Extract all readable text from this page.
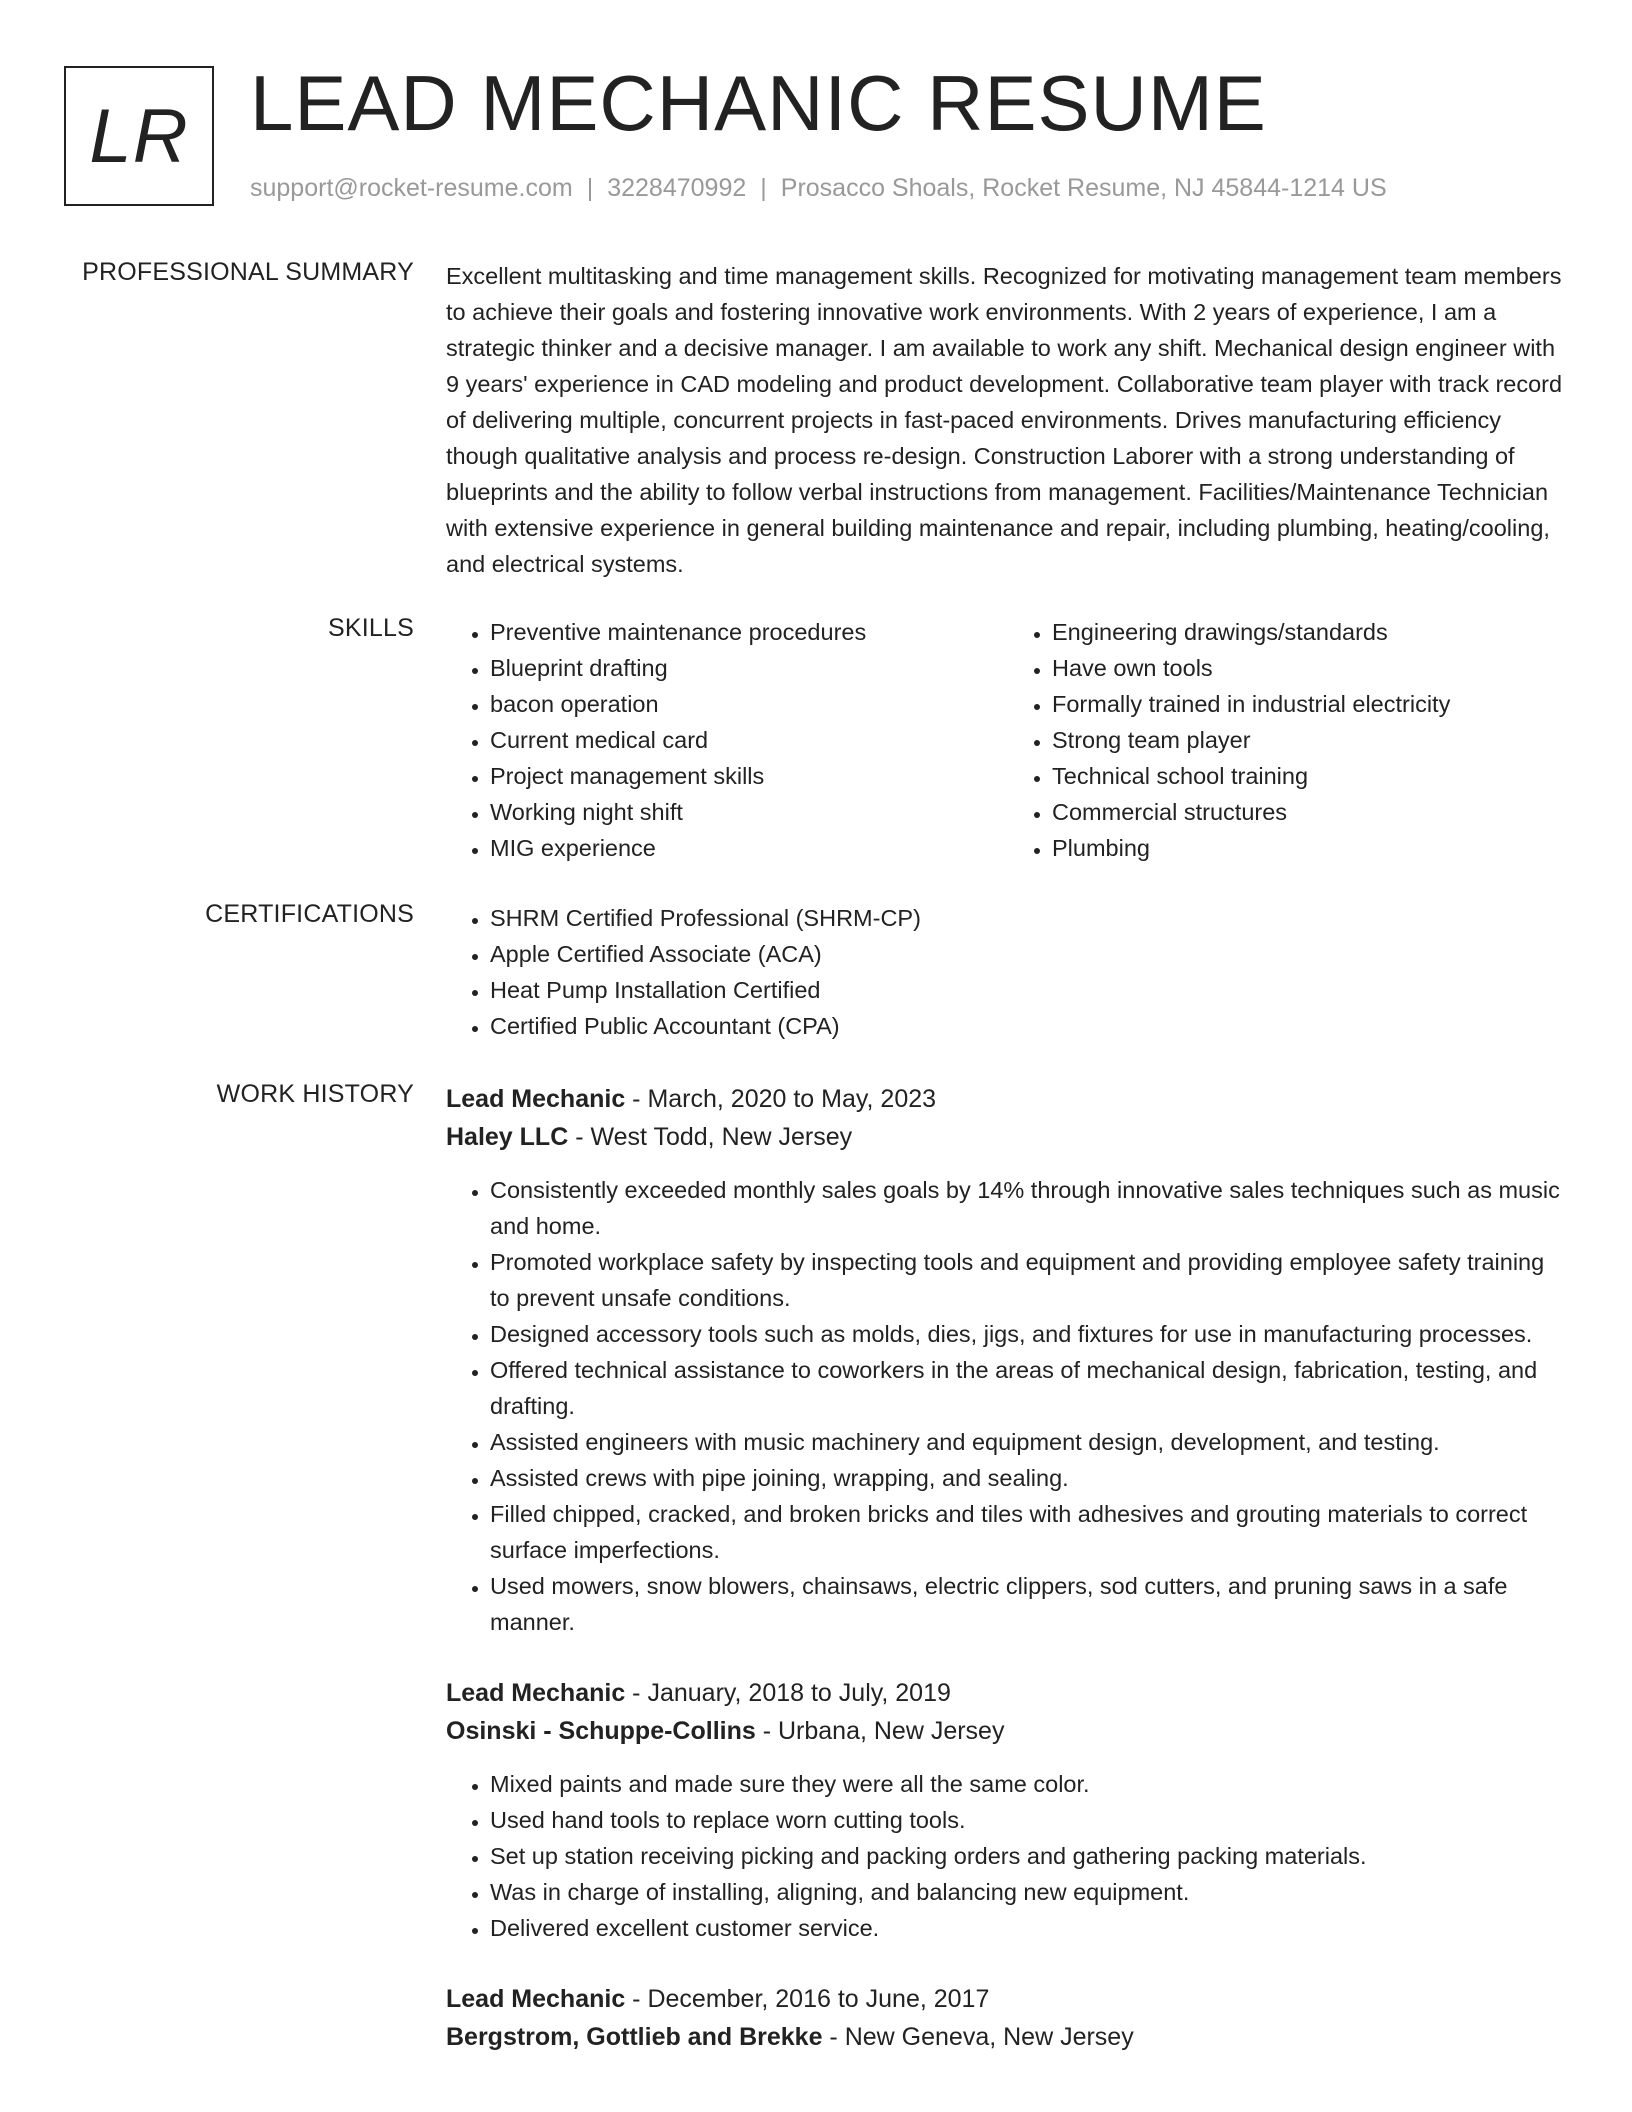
LR LEAD MECHANIC RESUME
support@rocket-resume.com | 3228470992 | Prosacco Shoals, Rocket Resume, NJ 45844-1214 US
PROFESSIONAL SUMMARY Excellent multitasking and time management skills. Recognized for motivating management team members to achieve their goals and fostering innovative work environments. With 2 years of experience, I am a strategic thinker and a decisive manager. I am available to work any shift. Mechanical design engineer with 9 years' experience in CAD modeling and product development. Collaborative team player with track record of delivering multiple, concurrent projects in fast-paced environments. Drives manufacturing efficiency though qualitative analysis and process re-design. Construction Laborer with a strong understanding of blueprints and the ability to follow verbal instructions from management. Facilities/Maintenance Technician with extensive experience in general building maintenance and repair, including plumbing, heating/cooling, and electrical systems.

SKILLS	• Preventive maintenance procedures
• Blueprint drafting
• bacon operation
• Current medical card
• Project management skills
• Working night shift
• MIG experience
• Engineering drawings/standards
• Have own tools
• Formally trained in industrial electricity
• Strong team player
• Technical school training
• Commercial structures
• Plumbing
CERTIFICATIONS	• SHRM Certified Professional (SHRM-CP)
• Apple Certified Associate (ACA)
• Heat Pump Installation Certified
• Certified Public Accountant (CPA)
WORK HISTORY Lead Mechanic - March, 2020 to May, 2023
Haley LLC - West Todd, New Jersey
• Consistently exceeded monthly sales goals by 14% through innovative sales techniques such as music and home.
• Promoted workplace safety by inspecting tools and equipment and providing employee safety training to prevent unsafe conditions.
• Designed accessory tools such as molds, dies, jigs, and fixtures for use in manufacturing processes.
• Offered technical assistance to coworkers in the areas of mechanical design, fabrication, testing, and drafting.
• Assisted engineers with music machinery and equipment design, development, and testing.
• Assisted crews with pipe joining, wrapping, and sealing.
• Filled chipped, cracked, and broken bricks and tiles with adhesives and grouting materials to correct surface imperfections.
• Used mowers, snow blowers, chainsaws, electric clippers, sod cutters, and pruning saws in a safe manner.
Lead Mechanic - January, 2018 to July, 2019
Osinski - Schuppe-Collins - Urbana, New Jersey
• Mixed paints and made sure they were all the same color.
• Used hand tools to replace worn cutting tools.
• Set up station receiving picking and packing orders and gathering packing materials.
• Was in charge of installing, aligning, and balancing new equipment.
• Delivered excellent customer service.
Lead Mechanic - December, 2016 to June, 2017
Bergstrom, Gottlieb and Brekke - New Geneva, New Jersey
